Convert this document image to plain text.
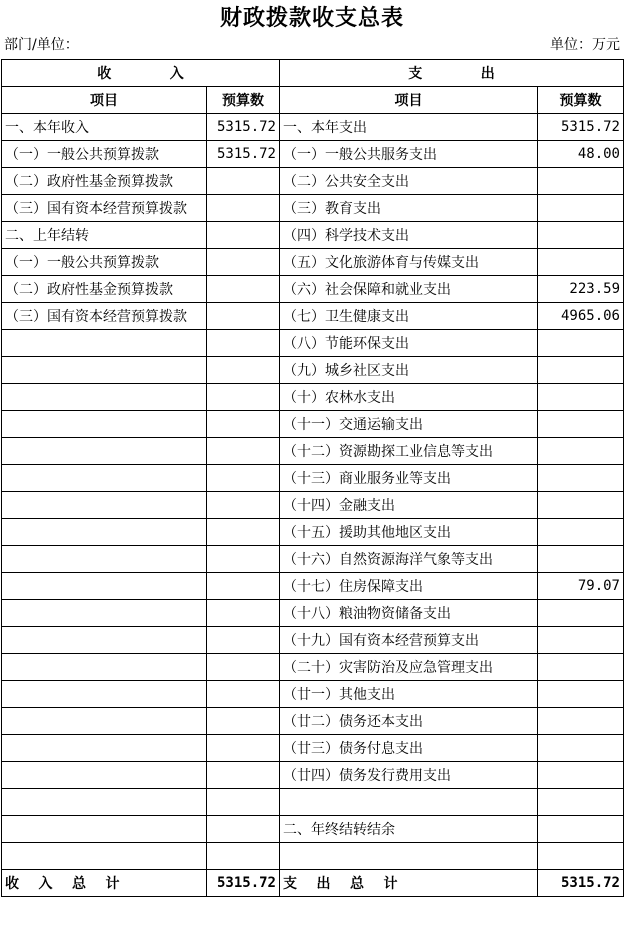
财政拨款收支总表
部门/单位：	单位：万元
收            入		支            出	
项目	预算数	项目	预算数
一、本年收入	5315.72	一、本年支出	5315.72
（一）一般公共预算拨款	5315.72	（一）一般公共服务支出	48.00
（二）政府性基金预算拨款		（二）公共安全支出	
（三）国有资本经营预算拨款		（三）教育支出	
二、上年结转		（四）科学技术支出	
（一）一般公共预算拨款		（五）文化旅游体育与传媒支出	
（二）政府性基金预算拨款		（六）社会保障和就业支出	223.59
（三）国有资本经营预算拨款		（七）卫生健康支出	4965.06
		（八）节能环保支出	
		（九）城乡社区支出	
		（十）农林水支出	
		（十一）交通运输支出	
		（十二）资源勘探工业信息等支出	
		（十三）商业服务业等支出	
		（十四）金融支出	
		（十五）援助其他地区支出	
		（十六）自然资源海洋气象等支出	
		（十七）住房保障支出	79.07
		（十八）粮油物资储备支出	
		（十九）国有资本经营预算支出	
		（二十）灾害防治及应急管理支出	
		（廿一）其他支出	
		（廿二）债务还本支出	
		（廿三）债务付息支出	
		（廿四）债务发行费用支出	

		二、年终结转结余	

收    入    总    计	5315.72	支    出    总    计	5315.72
